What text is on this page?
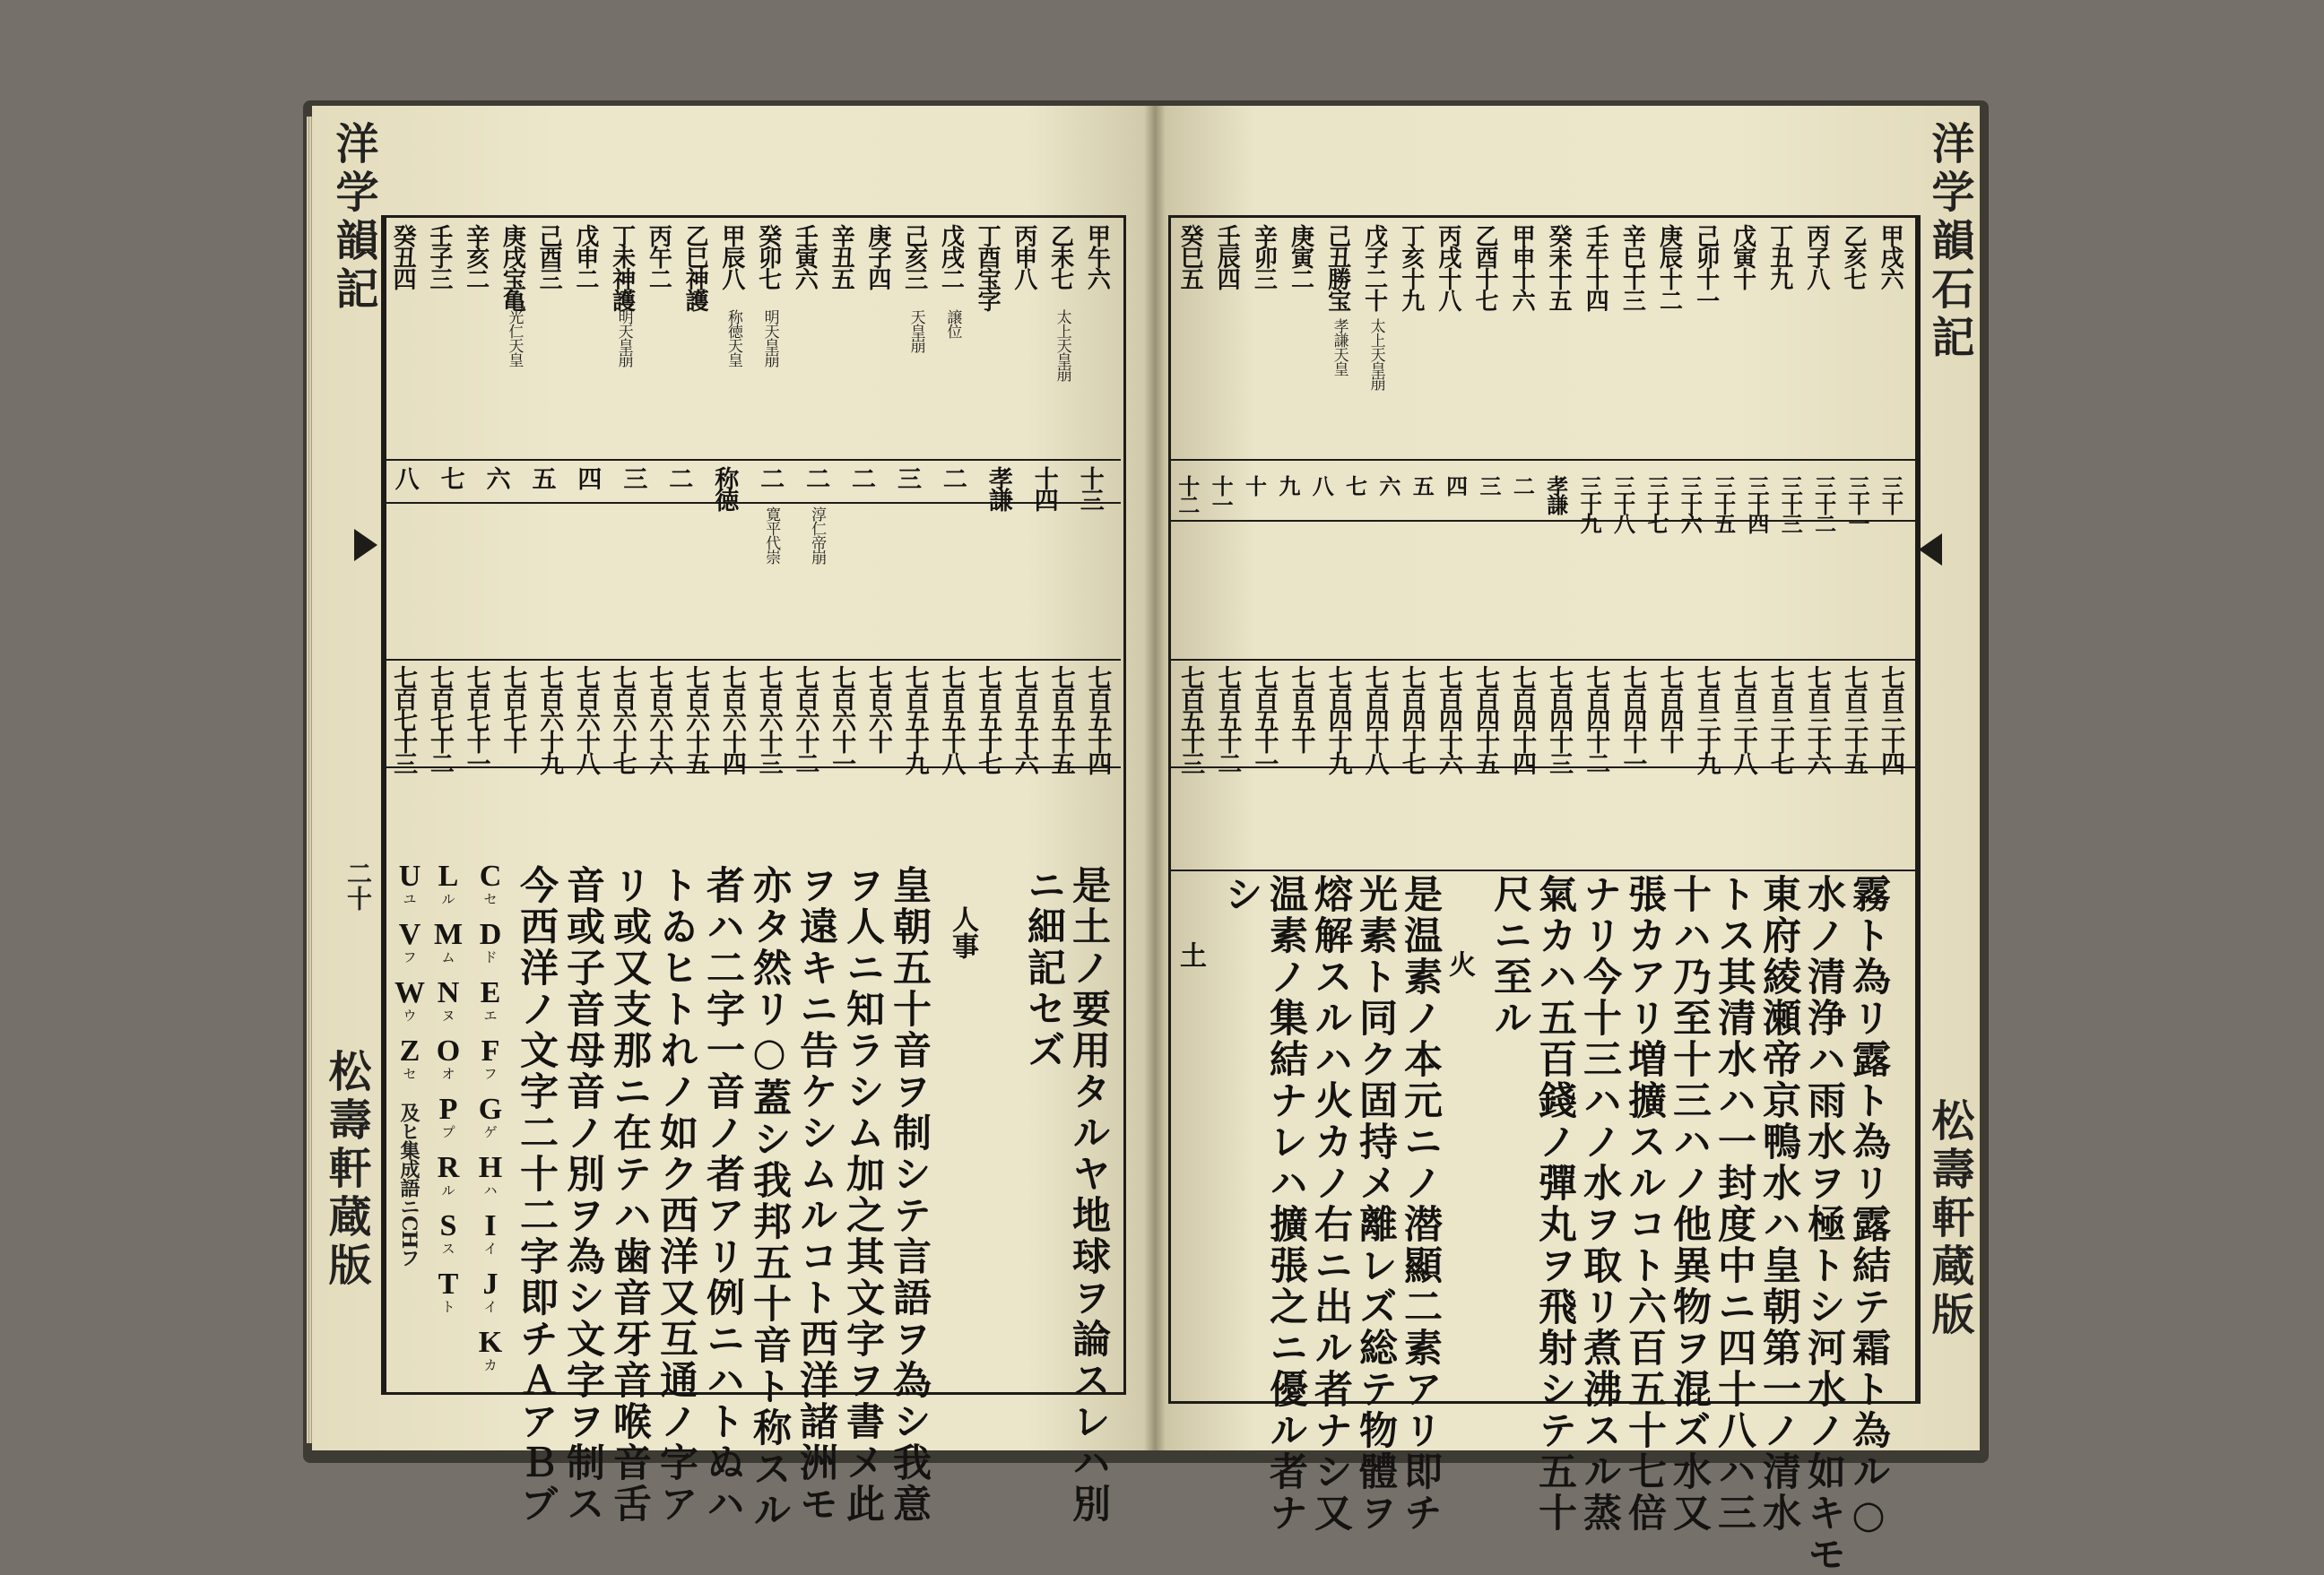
洋学韻記
二十
松壽軒蔵版
甲午六
乙未七
太上天皇崩
丙申八
丁酉宝字
戊戌二
譲位
己亥三
天皇崩
庚子四
辛丑五
壬寅六
癸卯七
明天皇崩
甲辰八
称徳天皇
乙巳神護
丙午二
丁未神護
明天皇崩
戊申二
己酉三
庚戌宝亀
光仁天皇
辛亥二
壬子三
癸丑四
十三
十四
孝謙
二
三
二
二
淳仁帝崩
二
寛平代崇
称徳
二
三
四
五
六
七
八
七百五十四
七百五十五
七百五十六
七百五十七
七百五十八
七百五十九
七百六十
七百六十一
七百六十二
七百六十三
七百六十四
七百六十五
七百六十六
七百六十七
七百六十八
七百六十九
七百七十
七百七十一
七百七十二
七百七十三
是土ノ要用タルヤ地球ヲ論スレハ別
ニ細記セズ
人事
皇朝五十音ヲ制シテ言語ヲ為シ我意
ヲ人ニ知ラシム加之其文字ヲ書メ此
ヲ遠キニ告ケシムルコト西洋諸洲モ
亦タ然リ○蓋シ我邦五十音ト称スル
者ハ二字一音ノ者アリ例ニハトぬハ
トゐヒトれノ如ク西洋又互通ノ字ア
リ或又支那ニ在テハ歯音牙音喉音舌
音或子音母音ノ別ヲ為シ文字ヲ制ス
今西洋ノ文字二十二字即チＡアＢブ
C
セ
D
ド
E
エ
F
フ
G
ゲ
H
ハ
I
イ
J
イ
K
カ
L
ル
M
ム
N
ヌ
O
オ
P
プ
R
ル
S
ス
T
ト
U
ユ
V
フ
W
ウ
Z
セ
及ヒ集成語ニCHフ
洋学韻石記
松壽軒蔵版
甲戌六
乙亥七
丙子八
丁丑九
戊寅十
己卯十一
庚辰十二
辛巳十三
壬午十四
癸未十五
甲申十六
乙酉十七
丙戌十八
丁亥十九
戊子二十
太上天皇崩
己丑勝宝
孝謙天皇
庚寅二
辛卯三
壬辰四
癸巳五
三十
三十一
三十二
三十三
三十四
三十五
三十六
三十七
三十八
三十九
孝謙
二
三
四
五
六
七
八
九
十
十一
十二
七百三十四
七百三十五
七百三十六
七百三十七
七百三十八
七百三十九
七百四十
七百四十一
七百四十二
七百四十三
七百四十四
七百四十五
七百四十六
七百四十七
七百四十八
七百四十九
七百五十
七百五十一
七百五十二
七百五十三
霧ト為リ露ト為リ露結テ霜ト為ル○
水ノ清浄ハ雨水ヲ極トシ河水ノ如キモ
東府綾瀬帝京鴨水ハ皇朝第一ノ清水
トス其清水ハ一封度中ニ四十八ハ三
十ハ乃至十三ハノ他異物ヲ混ズ水又
張カアリ増擴スルコト六百五十七倍
ナリ今十三ハノ水ヲ取リ煮沸スル蒸
氣カハ五百錢ノ彈丸ヲ飛射シテ五十
尺ニ至ル
火
是温素ノ本元ニノ潜顯二素アリ即チ
光素ト同ク固持メ離レズ総テ物體ヲ
熔解スルハ火カノ右ニ出ル者ナシ又
温素ノ集結ナレハ擴張之ニ優ル者ナ
シ
土
